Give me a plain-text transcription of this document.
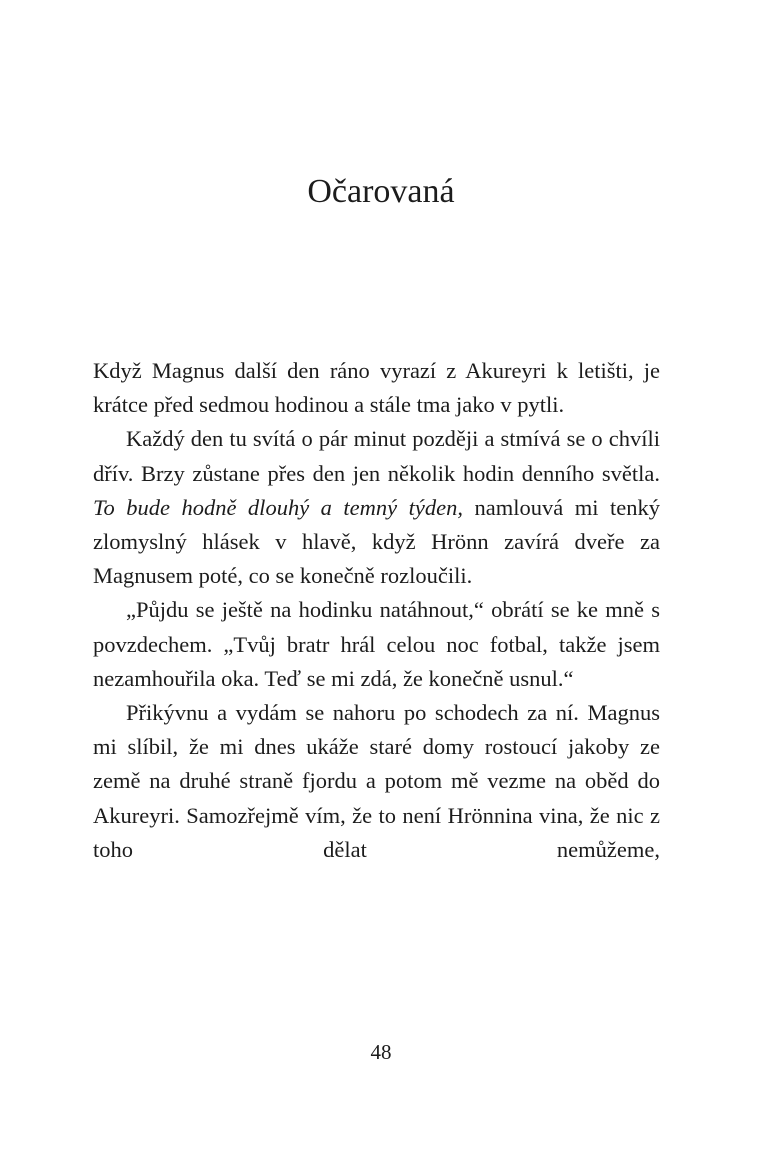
Očarovaná

Když Magnus další den ráno vyrazí z Akureyri k letišti, je krátce před sedmou hodinou a stále tma jako v pytli.

Každý den tu svítá o pár minut později a stmívá se o chvíli dřív. Brzy zůstane přes den jen několik hodin denního světla. To bude hodně dlouhý a temný týden, namlouvá mi tenký zlomyslný hlásek v hlavě, když Hrönn zavírá dveře za Magnusem poté, co se konečně rozloučili.

„Půjdu se ještě na hodinku natáhnout,“ obrátí se ke mně s povzdechem. „Tvůj bratr hrál celou noc fotbal, takže jsem nezamhouřila oka. Teď se mi zdá, že konečně usnul.“

Přikývnu a vydám se nahoru po schodech za ní. Magnus mi slíbil, že mi dnes ukáže staré domy rostoucí jakoby ze země na druhé straně fjordu a potom mě vezme na oběd do Akureyri. Samozřejmě vím, že to není Hrönnina vina, že nic z toho dělat nemůžeme,

48
